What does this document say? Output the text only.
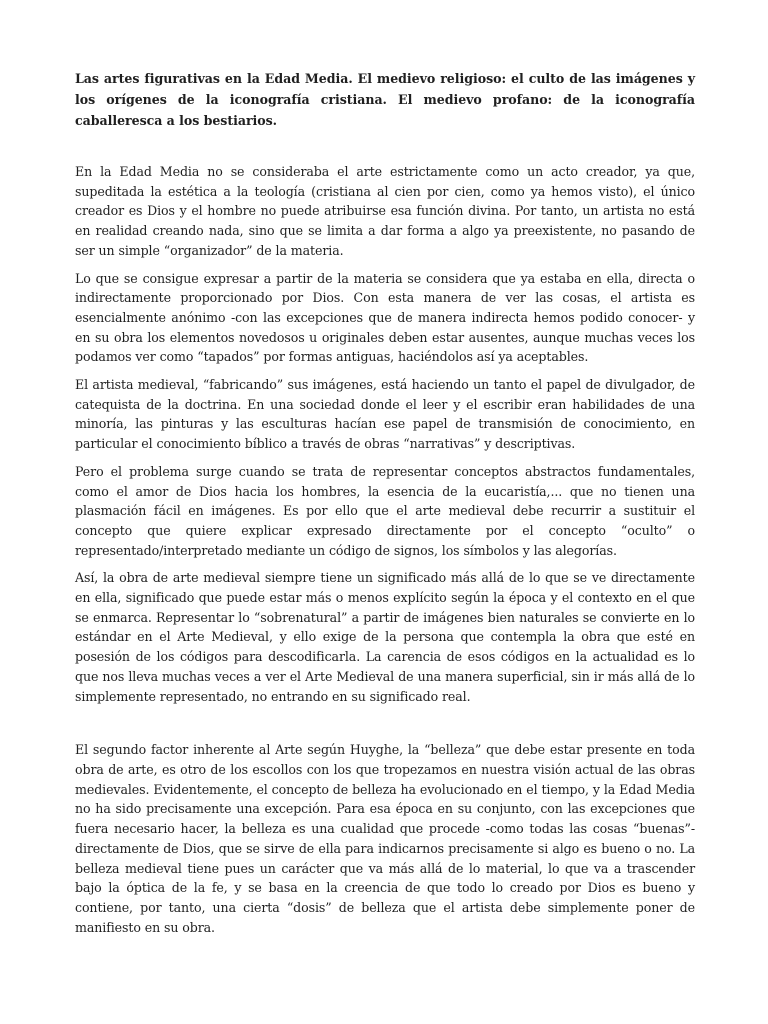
Las artes figurativas en la Edad Media. El medievo religioso: el culto de las imágenes y los orígenes de la iconografía cristiana. El medievo profano: de la iconografía caballeresca a los bestiarios.

En la Edad Media no se consideraba el arte estrictamente como un acto creador, ya que, supeditada la estética a la teología (cristiana al cien por cien, como ya hemos visto), el único creador es Dios y el hombre no puede atribuirse esa función divina. Por tanto, un artista no está en realidad creando nada, sino que se limita a dar forma a algo ya preexistente, no pasando de ser un simple “organizador” de la materia.

Lo que se consigue expresar a partir de la materia se considera que ya estaba en ella, directa o indirectamente proporcionado por Dios. Con esta manera de ver las cosas, el artista es esencialmente anónimo -con las excepciones que de manera indirecta hemos podido conocer- y en su obra los elementos novedosos u originales deben estar ausentes, aunque muchas veces los podamos ver como “tapados” por formas antiguas, haciéndolos así ya aceptables.

El artista medieval, “fabricando” sus imágenes, está haciendo un tanto el papel de divulgador, de catequista de la doctrina. En una sociedad donde el leer y el escribir eran habilidades de una minoría, las pinturas y las esculturas hacían ese papel de transmisión de conocimiento, en particular el conocimiento bíblico a través de obras “narrativas” y descriptivas.

Pero el problema surge cuando se trata de representar conceptos abstractos fundamentales, como el amor de Dios hacia los hombres, la esencia de la eucaristía,... que no tienen una plasmación fácil en imágenes. Es por ello que el arte medieval debe recurrir a sustituir el concepto que quiere explicar expresado directamente por el concepto “oculto” o representado/interpretado mediante un código de signos, los símbolos y las alegorías.

Así, la obra de arte medieval siempre tiene un significado más allá de lo que se ve directamente en ella, significado que puede estar más o menos explícito según la época y el contexto en el que se enmarca. Representar lo “sobrenatural” a partir de imágenes bien naturales se convierte en lo estándar en el Arte Medieval, y ello exige de la persona que contempla la obra que esté en posesión de los códigos para descodificarla. La carencia de esos códigos en la actualidad es lo que nos lleva muchas veces a ver el Arte Medieval de una manera superficial, sin ir más allá de lo simplemente representado, no entrando en su significado real.

El segundo factor inherente al Arte según Huyghe, la “belleza” que debe estar presente en toda obra de arte, es otro de los escollos con los que tropezamos en nuestra visión actual de las obras medievales. Evidentemente, el concepto de belleza ha evolucionado en el tiempo, y la Edad Media no ha sido precisamente una excepción. Para esa época en su conjunto, con las excepciones que fuera necesario hacer, la belleza es una cualidad que procede -como todas las cosas “buenas”- directamente de Dios, que se sirve de ella para indicarnos precisamente si algo es bueno o no. La belleza medieval tiene pues un carácter que va más allá de lo material, lo que va a trascender bajo la óptica de la fe, y se basa en la creencia de que todo lo creado por Dios es bueno y contiene, por tanto, una cierta “dosis” de belleza que el artista debe simplemente poner de manifiesto en su obra.
